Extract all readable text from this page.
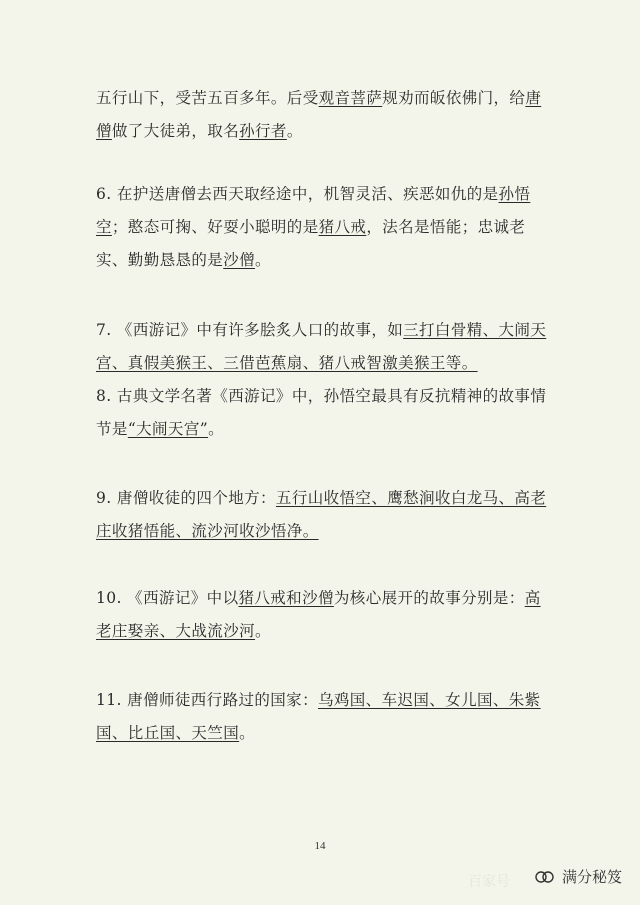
五行山下，受苦五百多年。后受观音菩萨规劝而皈依佛门，给唐僧做了大徒弟，取名孙行者。
6. 在护送唐僧去西天取经途中，机智灵活、疾恶如仇的是孙悟空；憨态可掬、好耍小聪明的是猪八戒，法名是悟能；忠诚老实、勤勤恳恳的是沙僧。
7. 《西游记》中有许多脍炙人口的故事，如三打白骨精、大闹天宫、真假美猴王、三借芭蕉扇、猪八戒智激美猴王等。
8. 古典文学名著《西游记》中，孙悟空最具有反抗精神的故事情节是“大闹天宫”。
9. 唐僧收徒的四个地方：五行山收悟空、鹰愁涧收白龙马、高老庄收猪悟能、流沙河收沙悟净。
10. 《西游记》中以猪八戒和沙僧为核心展开的故事分别是：高老庄娶亲、大战流沙河。
11. 唐僧师徒西行路过的国家：乌鸡国、车迟国、女儿国、朱紫国、比丘国、天竺国。
14
百家号	满分秘笈
